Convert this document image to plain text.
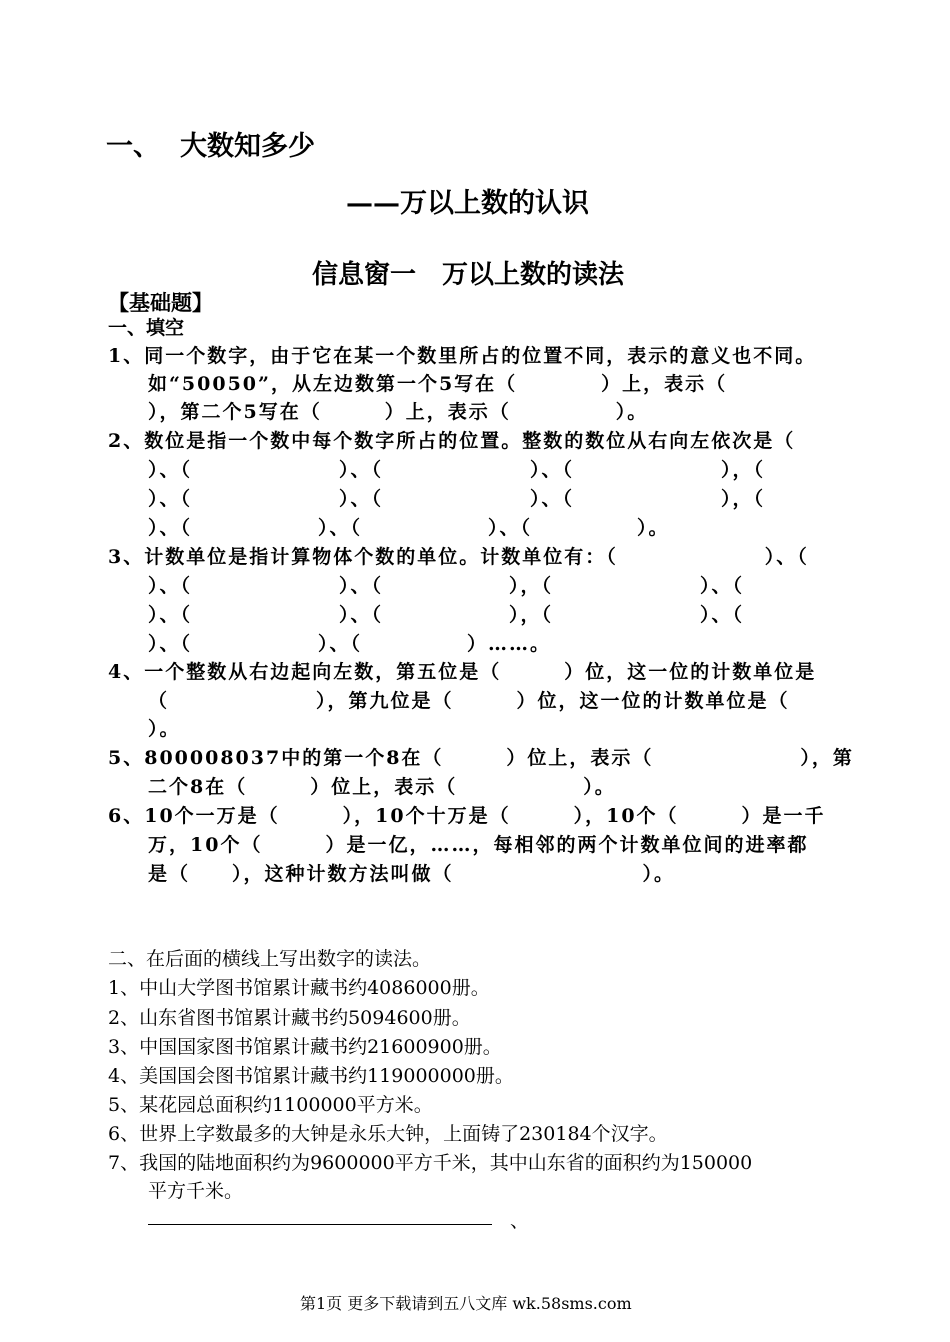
一、 大数知多少
——万以上数的认识
信息窗一　万以上数的读法
【基础题】
一、填空
1、同一个数字，由于它在某一个数里所占的位置不同，表示的意义也不同。
如“50050”，从左边数第一个5写在（　　　　）上，表示（
），第二个5写在（　　　）上，表示（　　　　　）。
2、数位是指一个数中每个数字所占的位置。整数的数位从右向左依次是（
）、（　　　　　　　）、（　　　　　　　）、（　　　　　　　），（
）、（　　　　　　　）、（　　　　　　　）、（　　　　　　　），（
）、（　　　　　　）、（　　　　　　）、（　　　　　）。
3、计数单位是指计算物体个数的单位。计数单位有：（　　　　　　　）、（
）、（　　　　　　　）、（　　　　　　），（　　　　　　　）、（
）、（　　　　　　　）、（　　　　　　），（　　　　　　　）、（
）、（　　　　　　）、（　　　　　）……。
4、一个整数从右边起向左数，第五位是（　　　）位，这一位的计数单位是
（　　　　　　　），第九位是（　　　）位，这一位的计数单位是（
）。
5、800008037中的第一个8在（　　　）位上，表示（　　　　　　　），第
二个8在（　　　）位上，表示（　　　　　　）。
6、10个一万是（　　　），10个十万是（　　　），10个（　　　）是一千
万，10个（　　　）是一亿，……，每相邻的两个计数单位间的进率都
是（　　），这种计数方法叫做（　　　　　　　　　）。
二、在后面的横线上写出数字的读法。
1、中山大学图书馆累计藏书约4086000册。
2、山东省图书馆累计藏书约5094600册。
3、中国国家图书馆累计藏书约21600900册。
4、美国国会图书馆累计藏书约119000000册。
5、某花园总面积约1100000平方米。
6、世界上字数最多的大钟是永乐大钟，上面铸了230184个汉字。
7、我国的陆地面积约为9600000平方千米，其中山东省的面积约为150000
平方千米。
、
第1页 更多下载请到五八文库 wk.58sms.com
